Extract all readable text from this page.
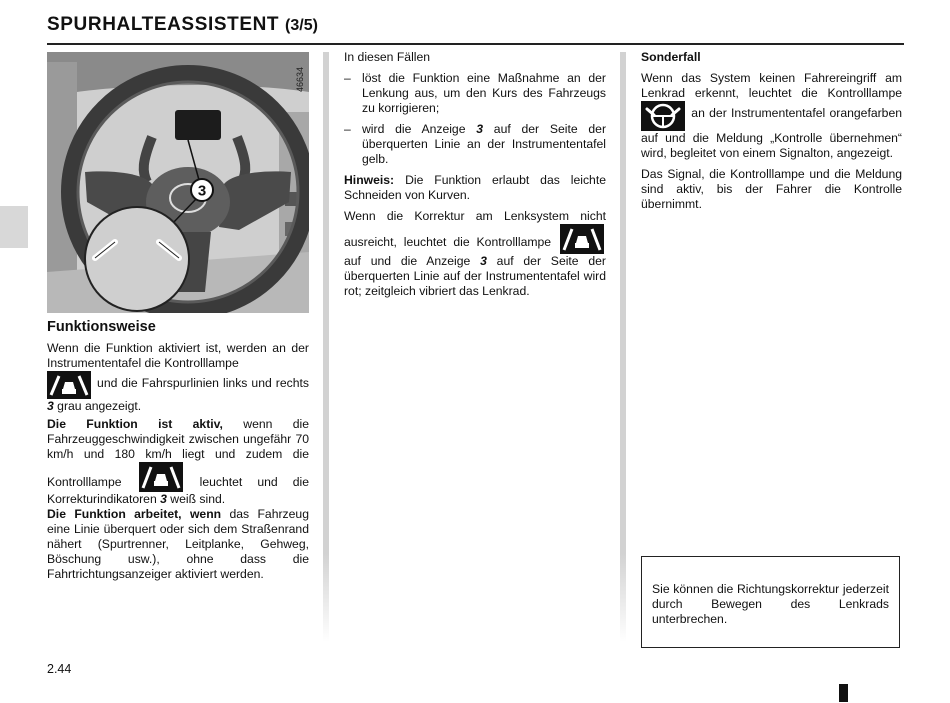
SPURHALTEASSISTENT (3/5)
3
46634

Funktionsweise

Wenn die Funktion aktiviert ist, werden an der Instrumententafel die Kontrolllampe
und die Fahrspurlinien links und rechts 3 grau angezeigt.

Die Funktion ist aktiv, wenn die Fahrzeuggeschwindigkeit zwischen ungefähr 70 km/h und 180 km/h liegt und zudem die Kontrolllampe	leuchtet und die Korrekturindikatoren 3 weiß sind.

Die Funktion arbeitet, wenn das Fahrzeug eine Linie überquert oder sich dem Straßenrand nähert (Spurtrenner, Leitplanke, Gehweg, Böschung usw.), ohne dass die Fahrtrichtungsanzeiger aktiviert werden.

In diesen Fällen

– löst die Funktion eine Maßnahme an der Lenkung aus, um den Kurs des Fahrzeugs zu korrigieren;
– wird die Anzeige 3 auf der Seite der überquerten Linie an der Instrumententafel gelb.

Hinweis: Die Funktion erlaubt das leichte Schneiden von Kurven.

Wenn die Korrektur am Lenksystem nicht ausreicht, leuchtet die Kontrolllampe  auf und die Anzeige 3 auf der Seite der überquerten Linie auf der Instrumententafel wird rot; zeitgleich vibriert das Lenkrad.

Sonderfall

Wenn das System keinen Fahrereingriff am Lenkrad erkennt, leuchtet die Kontrolllampe  an der Instrumententafel orangefarben auf und die Meldung „Kontrolle übernehmen“ wird, begleitet von einem Signalton, angezeigt.

Das Signal, die Kontrolllampe und die Meldung sind aktiv, bis der Fahrer die Kontrolle übernimmt.

Sie können die Richtungskorrektur jederzeit durch Bewegen des Lenkrads unterbrechen.
2.44
